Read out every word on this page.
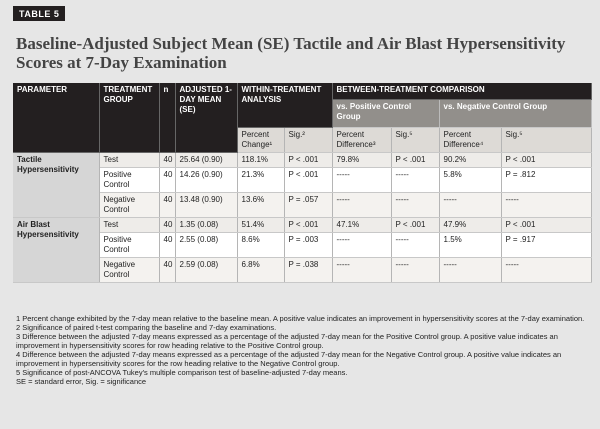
TABLE 5
Baseline-Adjusted Subject Mean (SE) Tactile and Air Blast Hypersensitivity Scores at 7-Day Examination
PARAMETER	TREATMENT GROUP	n	ADJUSTED 1-DAY MEAN (SE)	WITHIN-TREATMENT ANALYSIS		BETWEEN-TREATMENT COMPARISON			
						vs. Positive Control Group		vs. Negative Control Group	
				Percent Change¹	Sig.²	Percent Difference³	Sig.⁵	Percent Difference⁴	Sig.⁵
Tactile Hypersensitivity	Test	40	25.64 (0.90)	118.1%	P < .001	79.8%	P < .001	90.2%	P < .001
	Positive Control	40	14.26 (0.90)	21.3%	P < .001	-----	-----	5.8%	P = .812
	Negative Control	40	13.48 (0.90)	13.6%	P = .057	-----	-----	-----	-----
Air Blast Hypersensitivity	Test	40	1.35 (0.08)	51.4%	P < .001	47.1%	P < .001	47.9%	P < .001
	Positive Control	40	2.55 (0.08)	8.6%	P = .003	-----	-----	1.5%	P = .917
	Negative Control	40	2.59 (0.08)	6.8%	P = .038	-----	-----	-----	-----
1 Percent change exhibited by the 7-day mean relative to the baseline mean. A positive value indicates an improvement in hypersensitivity scores at the 7-day examination.
2 Significance of paired t-test comparing the baseline and 7-day examinations.
3 Difference between the adjusted 7-day means expressed as a percentage of the adjusted 7-day mean for the Positive Control group. A positive value indicates an improvement in hypersensitivity scores for row heading relative to the Positive Control group.
4 Difference between the adjusted 7-day means expressed as a percentage of the adjusted 7-day mean for the Negative Control group. A positive value indicates an improvement in hypersensitivity scores for the row heading relative to the Negative Control group.
5 Significance of post-ANCOVA Tukey's multiple comparison test of baseline-adjusted 7-day means.
SE = standard error, Sig. = significance
